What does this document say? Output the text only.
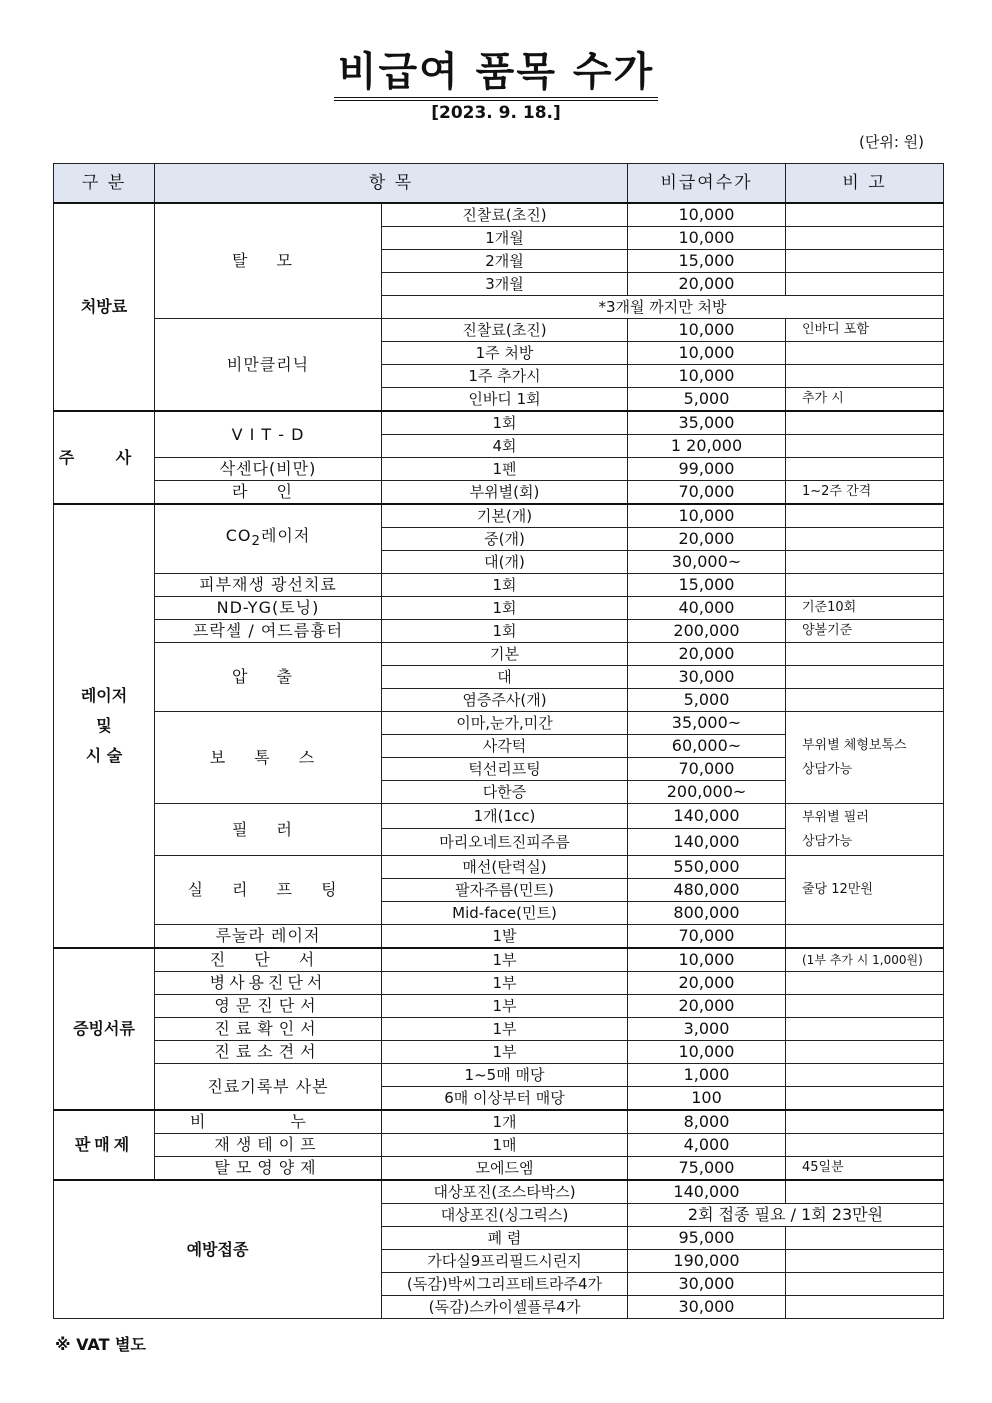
비급여 품목 수가
[2023. 9. 18.]
(단위: 원)
구 분	항 목		비급여수가	비 고
처방료	탈 모	진찰료(초진)	10,000	
		1개월	10,000	
		2개월	15,000	
		3개월	20,000	
		*3개월 까지만 처방		
	비만클리닉	진찰료(초진)	10,000	인바디 포함
		1주 처방	10,000	
		1주 추가시	10,000	
		인바디 1회	5,000	추가 시
주 사	V I T - D	1회	35,000	
		4회	1 20,000	
	삭센다(비만)	1펜	99,000	
	라 인	부위별(회)	70,000	1~2주 간격

레이저
및
시 술	$CO_2$레이저	기본(개)	10,000	
		중(개)	20,000	
		대(개)	30,000~	
	피부재생 광선치료	1회	15,000	
	ND-YG(토닝)	1회	40,000	기준10회
	프락셀 / 여드름흉터	1회	200,000	양볼기준
	압 출	기본	20,000	
		대	30,000	
		염증주사(개)	5,000	
	보 톡 스	이마,눈가,미간	35,000~	부위별 체형보톡스
상담가능

		사각턱	60,000~	
		턱선리프팅	70,000	
		다한증	200,000~	
	필 러	1개(1cc)	140,000	부위별 필러
상담가능

		마리오네트진피주름	140,000	
	실 리 프 팅	매선(탄력실)	550,000	줄당 12만원
		팔자주름(민트)	480,000	
		Mid-face(민트)	800,000	
	루눌라 레이저	1발	70,000	
증빙서류	진 단 서	1부	10,000	(1부 추가 시 1,000원)
	병사용진단서	1부	20,000	
	영문진단서	1부	20,000	
	진료확인서	1부	3,000	
	진료소견서	1부	10,000	
	진료기록부 사본	1~5매 매당	1,000	
		6매 이상부터 매당	100	
판매제	비 누	1개	8,000	
	재생테이프	1매	4,000	
	탈모영양제	모에드엠	75,000	45일분
예방접종		대상포진(조스타박스)	140,000	
		대상포진(싱그릭스)	2회 접종 필요 / 1회 23만원	
		폐 렴	95,000	
		가다실9프리필드시린지	190,000	
		(독감)박씨그리프테트라주4가	30,000	
		(독감)스카이셀플루4가	30,000	
※ VAT 별도
